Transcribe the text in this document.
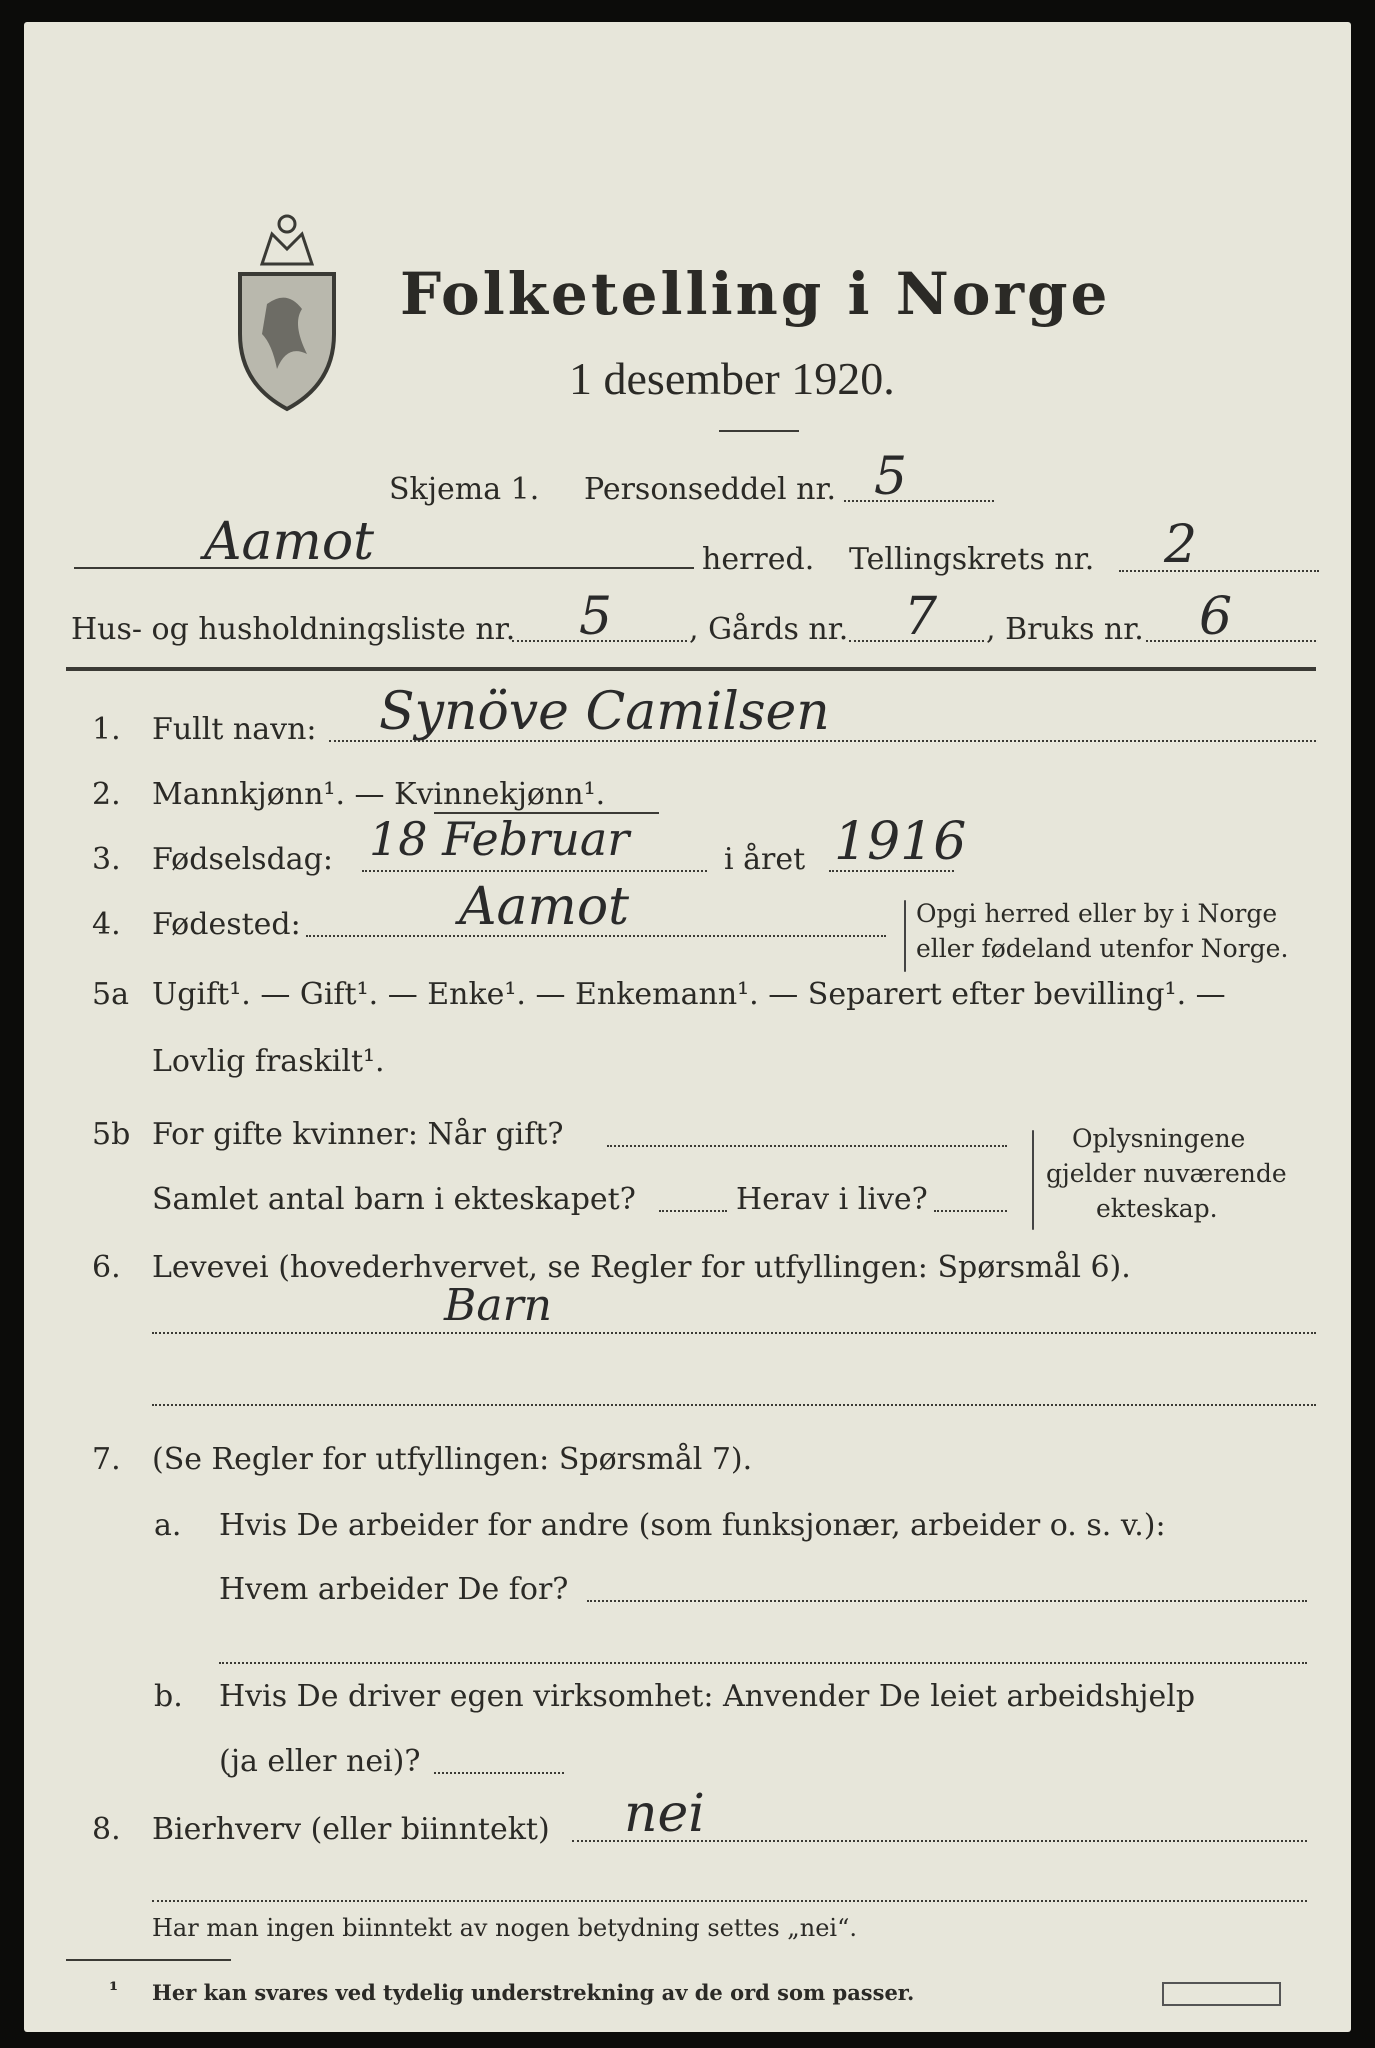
Folketelling i Norge
1 desember 1920.
Skjema 1. Personseddel nr. 5
Aamot	herred. Tellingskrets nr. 2
Hus- og husholdningsliste nr. 5	, Gårds nr. 7 , Bruks nr. 6
1. Fullt navn: Synöve Camilsen
2. Mannkjønn¹. — Kvinnekjønn¹.
3. Fødselsdag: 18 Februar	i året 1916
4. Fødested:	Aamot	Opgi herred eller by i Norge
eller fødeland utenfor Norge.
5a Ugift¹. — Gift¹. — Enke¹. — Enkemann¹. — Separert efter bevilling¹. —
Lovlig fraskilt¹.
5b For gifte kvinner: Når gift?
Samlet antal barn i ekteskapet?	Herav i live?
Oplysningene
gjelder nuværende
ekteskap.
6. Levevei (hovederhvervet, se Regler for utfyllingen: Spørsmål 6).
Barn
7. (Se Regler for utfyllingen: Spørsmål 7).
a. Hvis De arbeider for andre (som funksjonær, arbeider o. s. v.):
Hvem arbeider De for?
b. Hvis De driver egen virksomhet: Anvender De leiet arbeidshjelp
(ja eller nei)?
8. Bierhverv (eller biinntekt) nei
Har man ingen biinntekt av nogen betydning settes „nei“.
¹ Her kan svares ved tydelig understrekning av de ord som passer.
